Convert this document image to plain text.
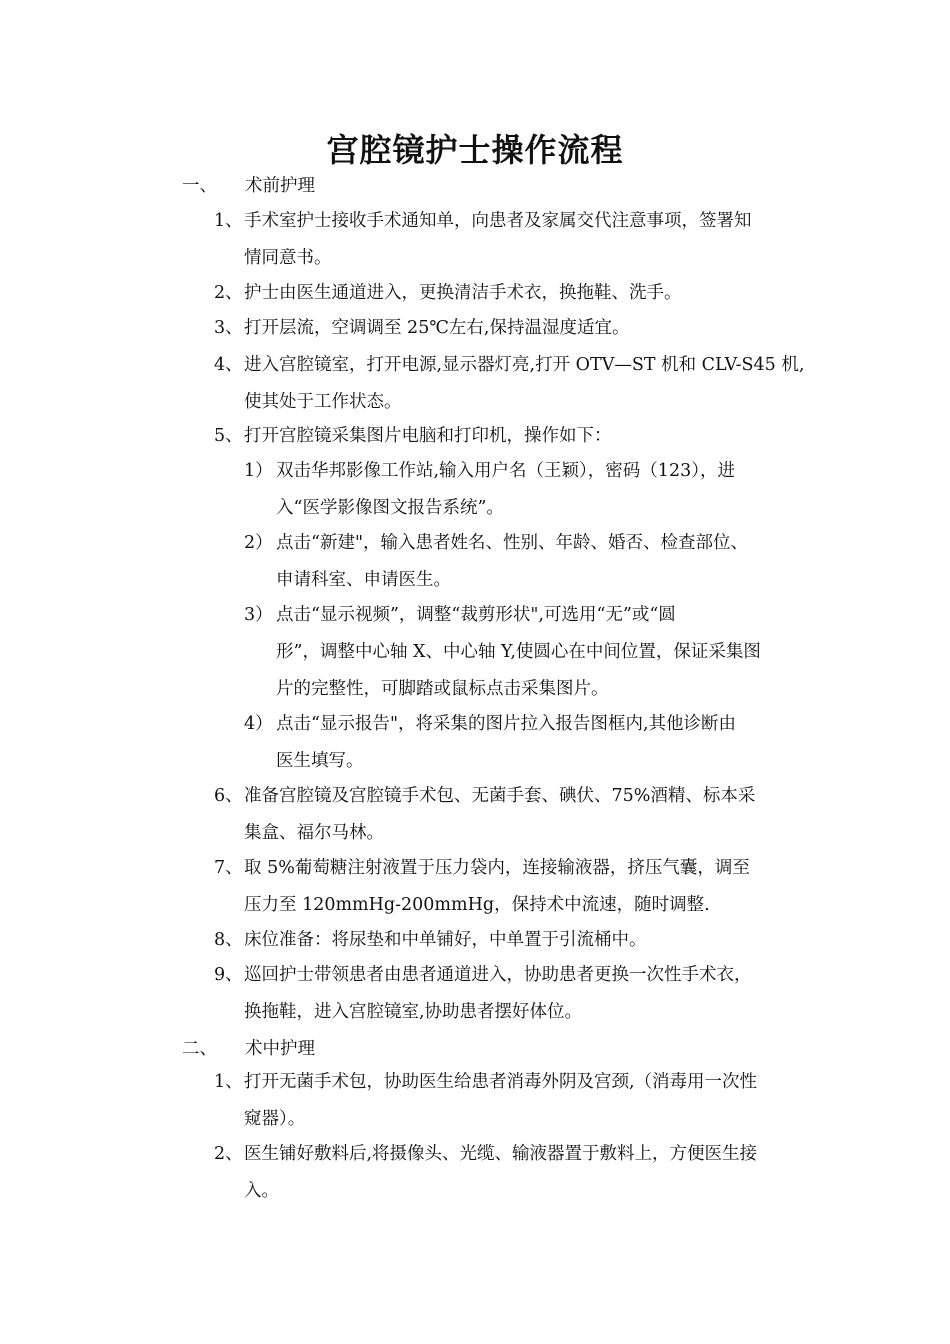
宫腔镜护士操作流程
一、 术前护理
1、 手术室护士接收手术通知单，向患者及家属交代注意事项，签署知
情同意书。
2、 护士由医生通道进入，更换清洁手术衣，换拖鞋、洗手。
3、 打开层流，空调调至 25℃左右,保持温湿度适宜。
4、 进入宫腔镜室，打开电源,显示器灯亮,打开 OTV—ST 机和 CLV-S45 机,
使其处于工作状态。
5、 打开宫腔镜采集图片电脑和打印机，操作如下：
1） 双击华邦影像工作站,输入用户名（王颖），密码（123），进
入“医学影像图文报告系统”。
2） 点击“新建"，输入患者姓名、性别、年龄、婚否、检查部位、
申请科室、申请医生。
3） 点击“显示视频”，调整“裁剪形状",可选用“无”或“圆
形”，调整中心轴 X、中心轴 Y,使圆心在中间位置，保证采集图
片的完整性，可脚踏或鼠标点击采集图片。
4） 点击“显示报告"，将采集的图片拉入报告图框内,其他诊断由
医生填写。
6、 准备宫腔镜及宫腔镜手术包、无菌手套、碘伏、75%酒精、标本采
集盒、福尔马林。
7、 取 5%葡萄糖注射液置于压力袋内，连接输液器，挤压气囊，调至
压力至 120mmHg-200mmHg，保持术中流速，随时调整.
8、 床位准备：将尿垫和中单铺好，中单置于引流桶中。
9、 巡回护士带领患者由患者通道进入，协助患者更换一次性手术衣，
换拖鞋，进入宫腔镜室,协助患者摆好体位。
二、 术中护理
1、 打开无菌手术包，协助医生给患者消毒外阴及宫颈,（消毒用一次性
窥器）。
2、 医生铺好敷料后,将摄像头、光缆、输液器置于敷料上，方便医生接
入。
